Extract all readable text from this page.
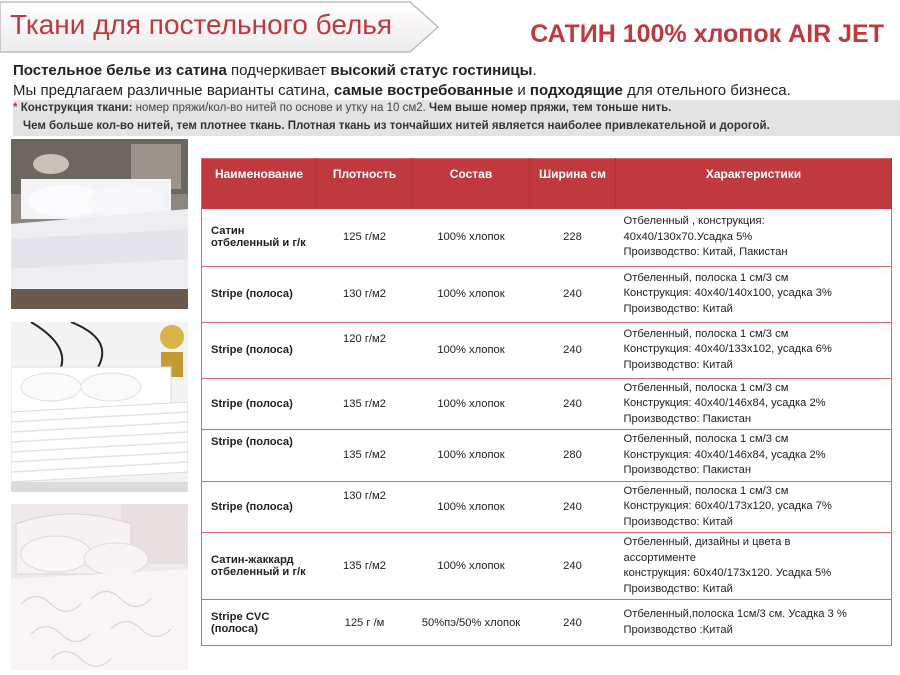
Ткани для постельного белья	САТИН 100% хлопок AIR JET
Постельное белье из сатина подчеркивает высокий статус гостиницы.
Мы предлагаем различные варианты сатина, самые востребованные и подходящие для отельного бизнеса.
* Конструкция ткани: номер пряжи/кол-во нитей по основе и утку на 10 см2. Чем выше номер пряжи, тем тоньше нить.
Чем больше кол-во нитей, тем плотнее ткань. Плотная ткань из тончайших нитей является наиболее привлекательной и дорогой.
Наименование	Плотность	Состав	Ширина см	Характеристики
Сатин отбеленный и г/к	125 г/м2	100% хлопок	228	Отбеленный , конструкция:
40х40/130х70.Усадка 5%
Производство: Китай, Пакистан

Stripe (полоса)	130 г/м2	100% хлопок	240	Отбеленный, полоска 1 см/3 см
Конструкция: 40х40/140х100, усадка 3%
Производство: Китай

Stripe (полоса)	120 г/м2	100% хлопок	240	Отбеленный, полоска 1 см/3 см
Конструкция: 40х40/133х102, усадка 6%
Производство: Китай

Stripe (полоса)	135 г/м2	100% хлопок	240	Отбеленный, полоска 1 см/3 см
Конструкция: 40х40/146х84, усадка 2%
Производство: Пакистан

Stripe (полоса)	135 г/м2	100% хлопок	280	Отбеленный, полоска 1 см/3 см
Конструкция: 40х40/146х84, усадка 2%
Производство: Пакистан

Stripe (полоса)	130 г/м2	100% хлопок	240	Отбеленный, полоска 1 см/3 см
Конструкция: 60х40/173х120, усадка 7%
Производство: Китай

Сатин-жаккард отбеленный и г/к	135 г/м2	100% хлопок	240	Отбеленный, дизайны и цвета в
ассортименте
конструкция: 60х40/173х120. Усадка 5%
Производство: Китай

Stripe CVC (полоса)	125 г /м	50%пэ/50% хлопок	240	Отбеленный,полоска 1см/3 см. Усадка 3 %
Производство :Китай
